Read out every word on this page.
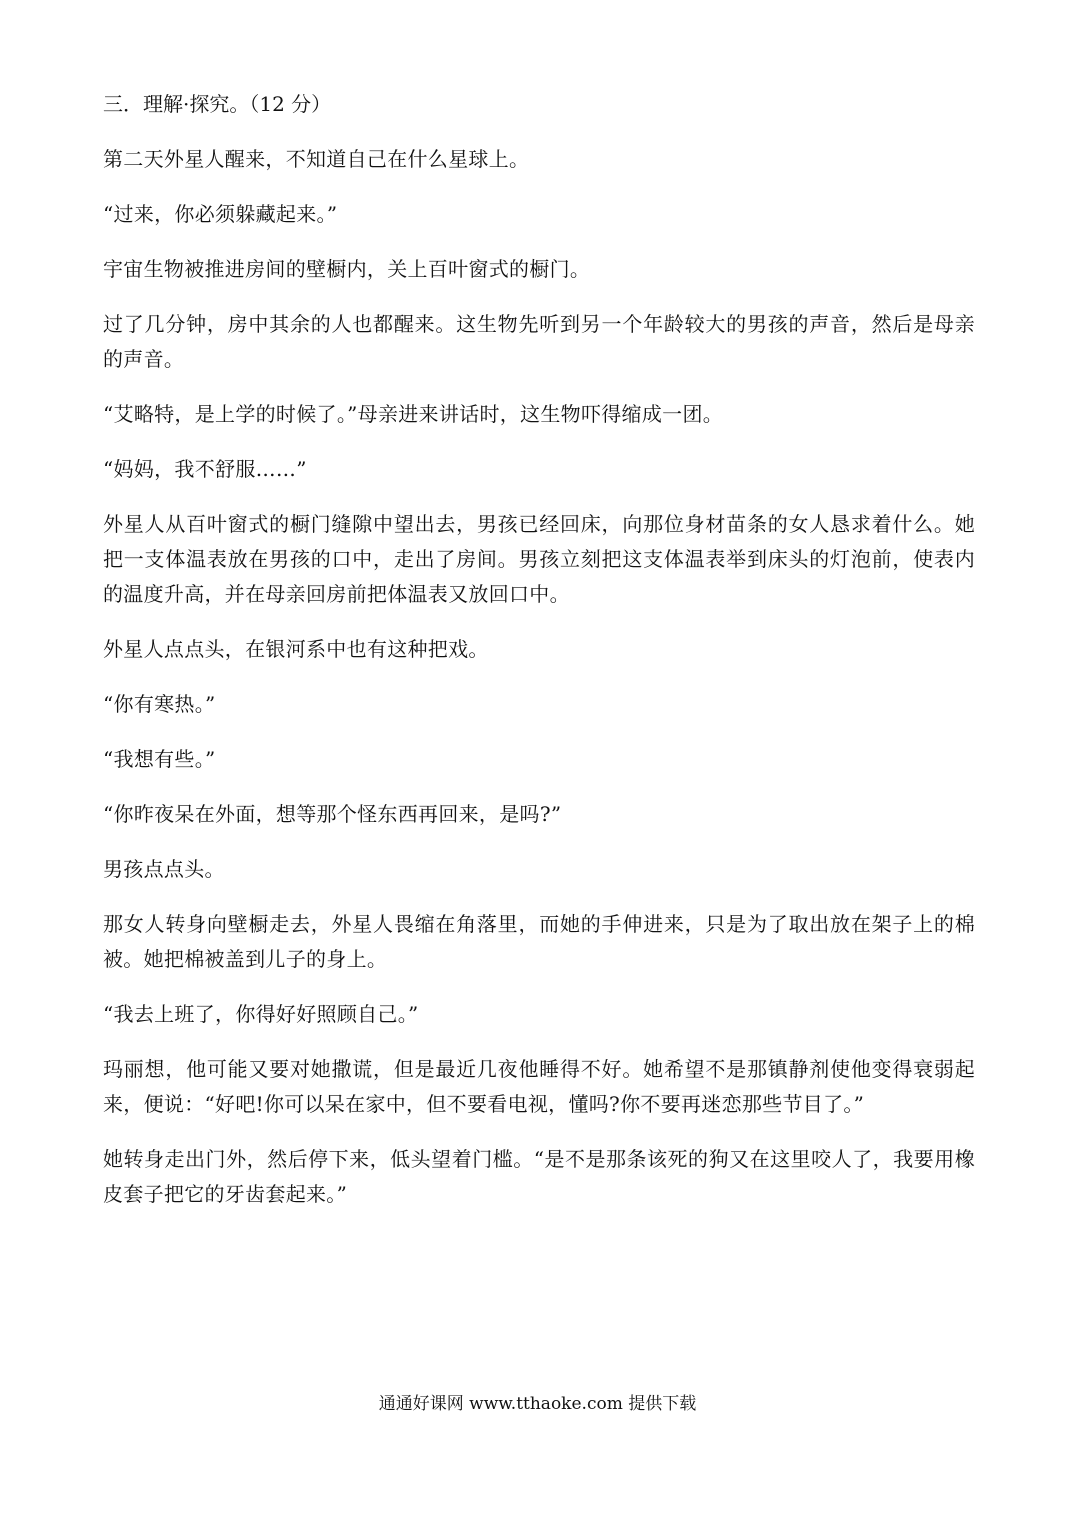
三．理解·探究。（12 分）

第二天外星人醒来，不知道自己在什么星球上。

“过来，你必须躲藏起来。”

宇宙生物被推进房间的壁橱内，关上百叶窗式的橱门。

过了几分钟，房中其余的人也都醒来。这生物先听到另一个年龄较大的男孩的声音，然后是母亲的声音。

“艾略特，是上学的时候了。”母亲进来讲话时，这生物吓得缩成一团。

“妈妈，我不舒服……”

外星人从百叶窗式的橱门缝隙中望出去，男孩已经回床，向那位身材苗条的女人恳求着什么。她把一支体温表放在男孩的口中，走出了房间。男孩立刻把这支体温表举到床头的灯泡前，使表内的温度升高，并在母亲回房前把体温表又放回口中。

外星人点点头，在银河系中也有这种把戏。

“你有寒热。”

“我想有些。”

“你昨夜呆在外面，想等那个怪东西再回来，是吗?”

男孩点点头。

那女人转身向壁橱走去，外星人畏缩在角落里，而她的手伸进来，只是为了取出放在架子上的棉被。她把棉被盖到儿子的身上。

“我去上班了，你得好好照顾自己。”

玛丽想，他可能又要对她撒谎，但是最近几夜他睡得不好。她希望不是那镇静剂使他变得衰弱起来，便说：“好吧!你可以呆在家中，但不要看电视，懂吗?你不要再迷恋那些节目了。”

她转身走出门外，然后停下来，低头望着门槛。“是不是那条该死的狗又在这里咬人了，我要用橡皮套子把它的牙齿套起来。”

通通好课网 www.tthaoke.com 提供下载
